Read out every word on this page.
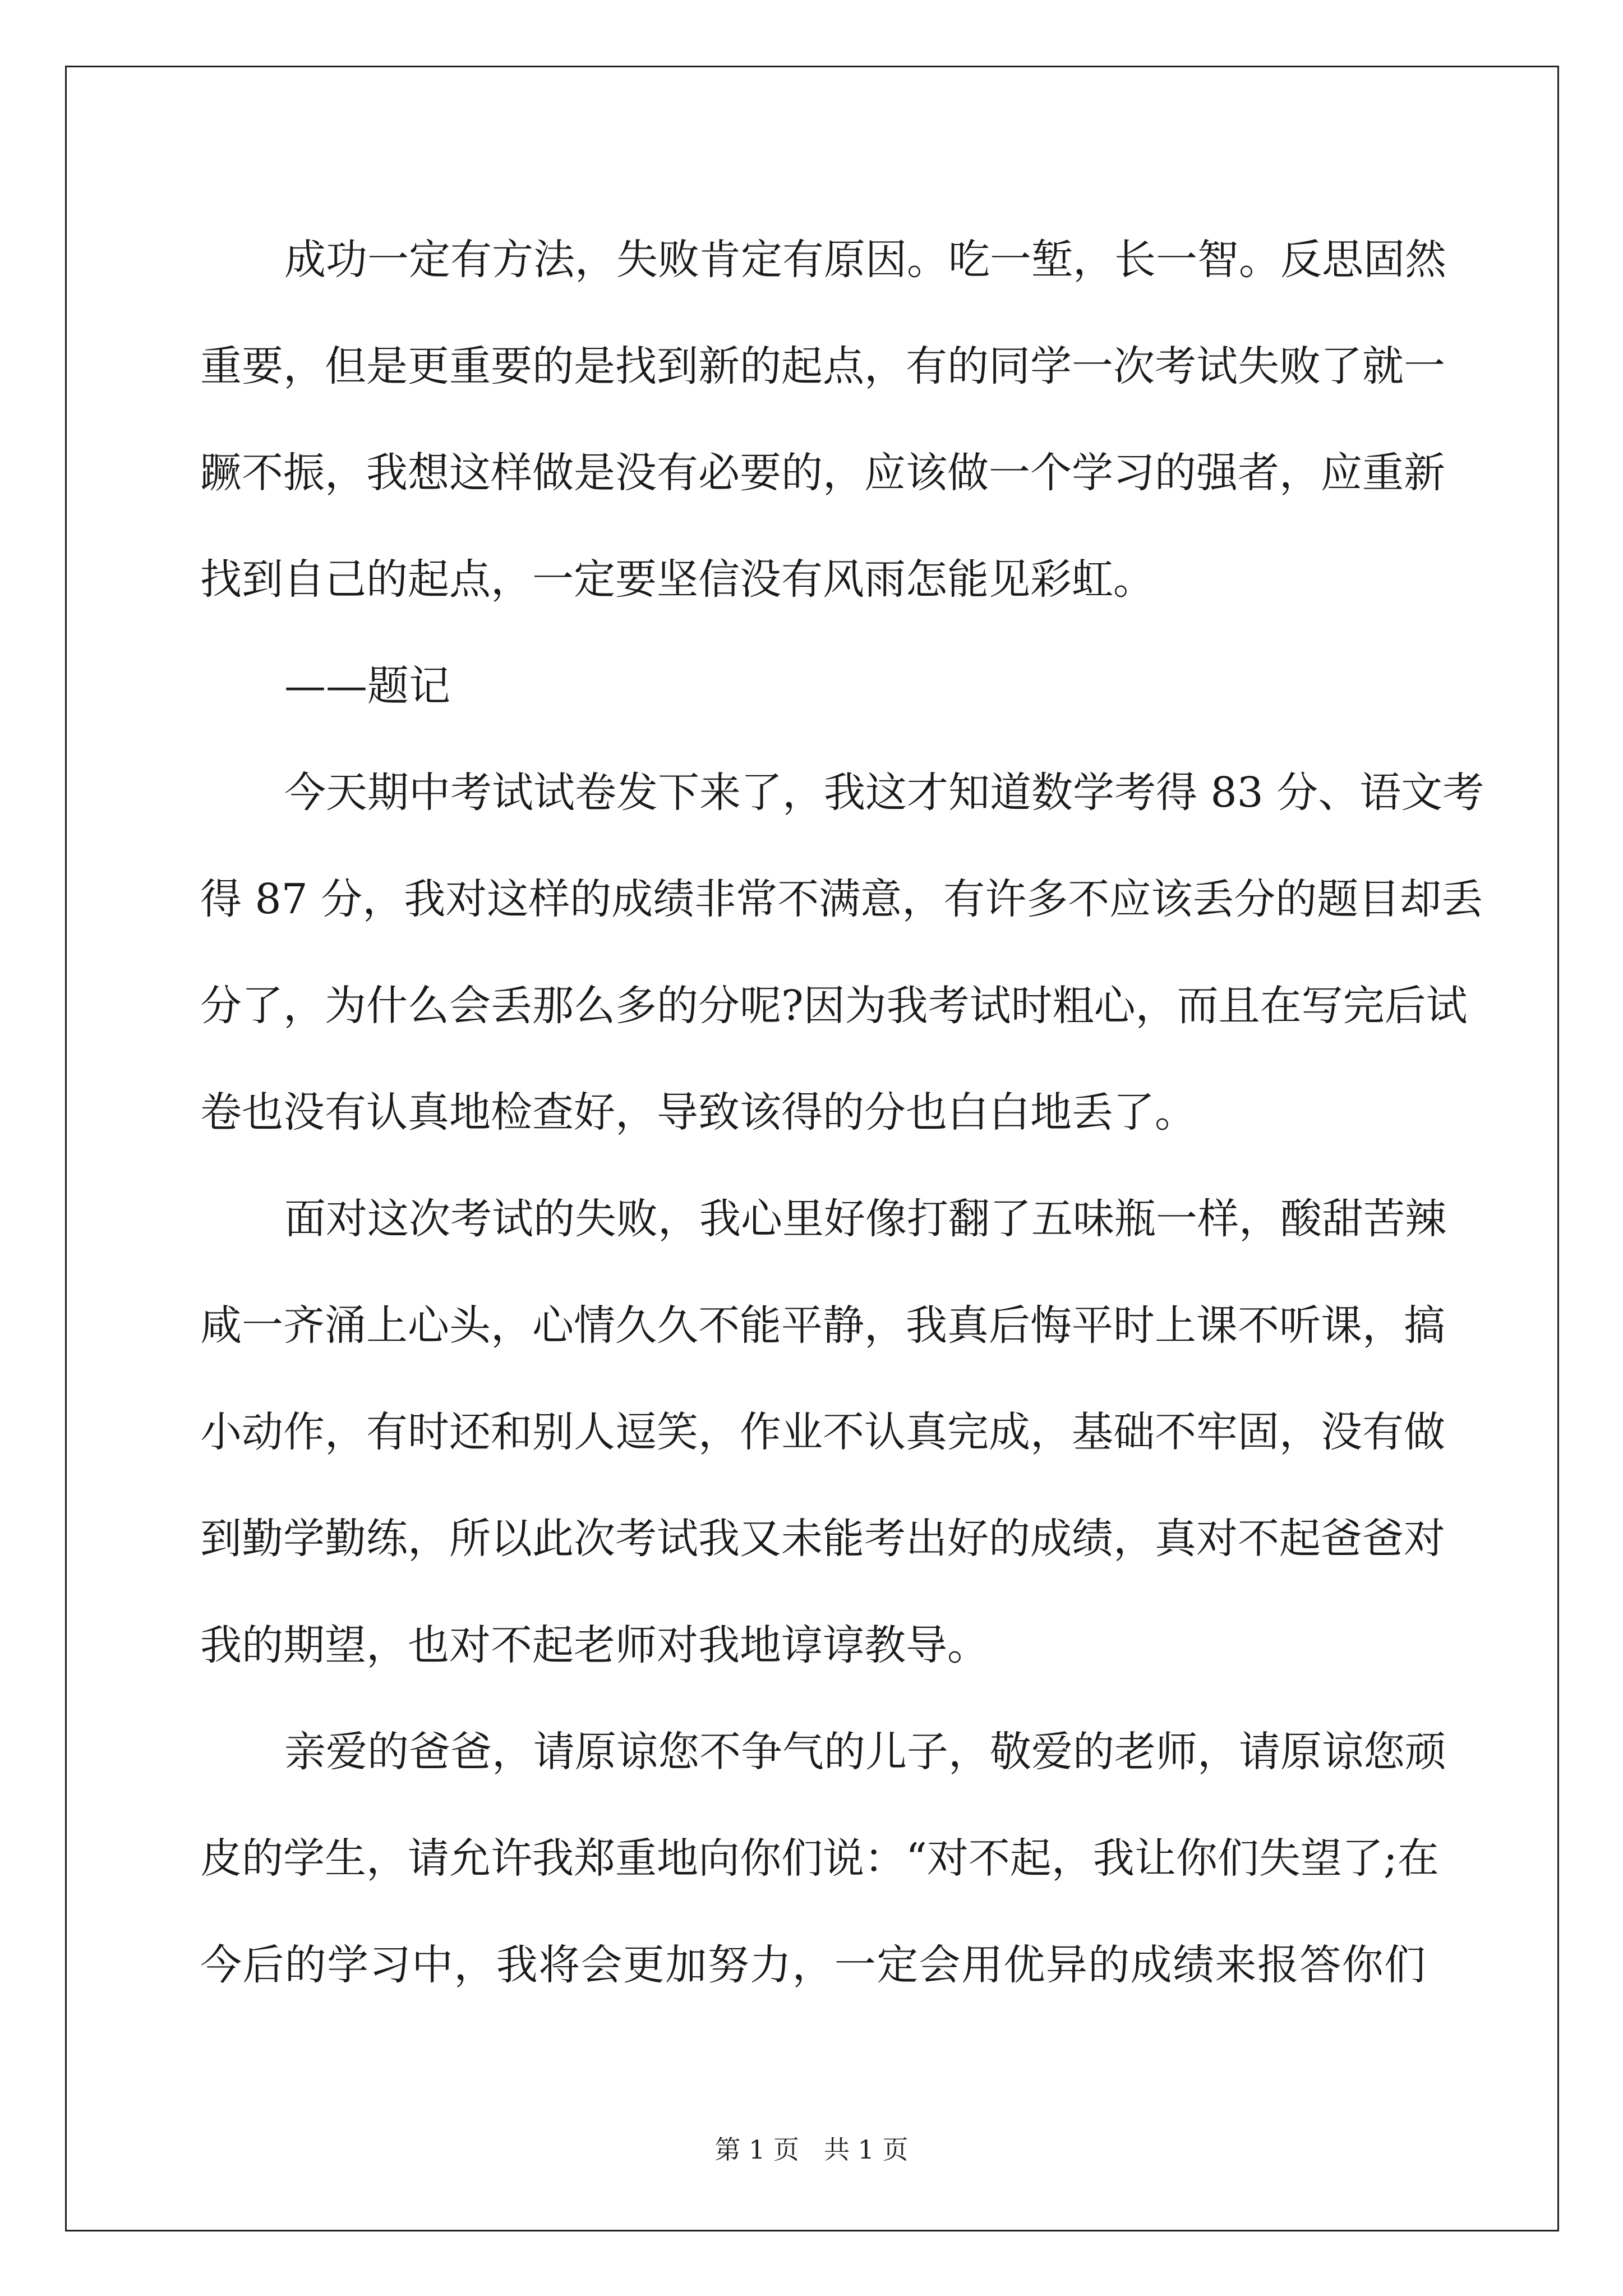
成功一定有方法，失败肯定有原因。吃一堑，长一智。反思固然
重要，但是更重要的是找到新的起点，有的同学一次考试失败了就一
蹶不振，我想这样做是没有必要的，应该做一个学习的强者，应重新
找到自己的起点，一定要坚信没有风雨怎能见彩虹。
——题记
今天期中考试试卷发下来了，我这才知道数学考得 83 分、语文考
得 87 分，我对这样的成绩非常不满意，有许多不应该丢分的题目却丢
分了，为什么会丢那么多的分呢?因为我考试时粗心，而且在写完后试
卷也没有认真地检查好，导致该得的分也白白地丢了。
面对这次考试的失败，我心里好像打翻了五味瓶一样，酸甜苦辣
咸一齐涌上心头，心情久久不能平静，我真后悔平时上课不听课，搞
小动作，有时还和别人逗笑，作业不认真完成，基础不牢固，没有做
到勤学勤练，所以此次考试我又未能考出好的成绩，真对不起爸爸对
我的期望，也对不起老师对我地谆谆教导。
亲爱的爸爸，请原谅您不争气的儿子，敬爱的老师，请原谅您顽
皮的学生，请允许我郑重地向你们说：“对不起，我让你们失望了;在
今后的学习中，我将会更加努力，一定会用优异的成绩来报答你们
第 1 页 共 1 页
